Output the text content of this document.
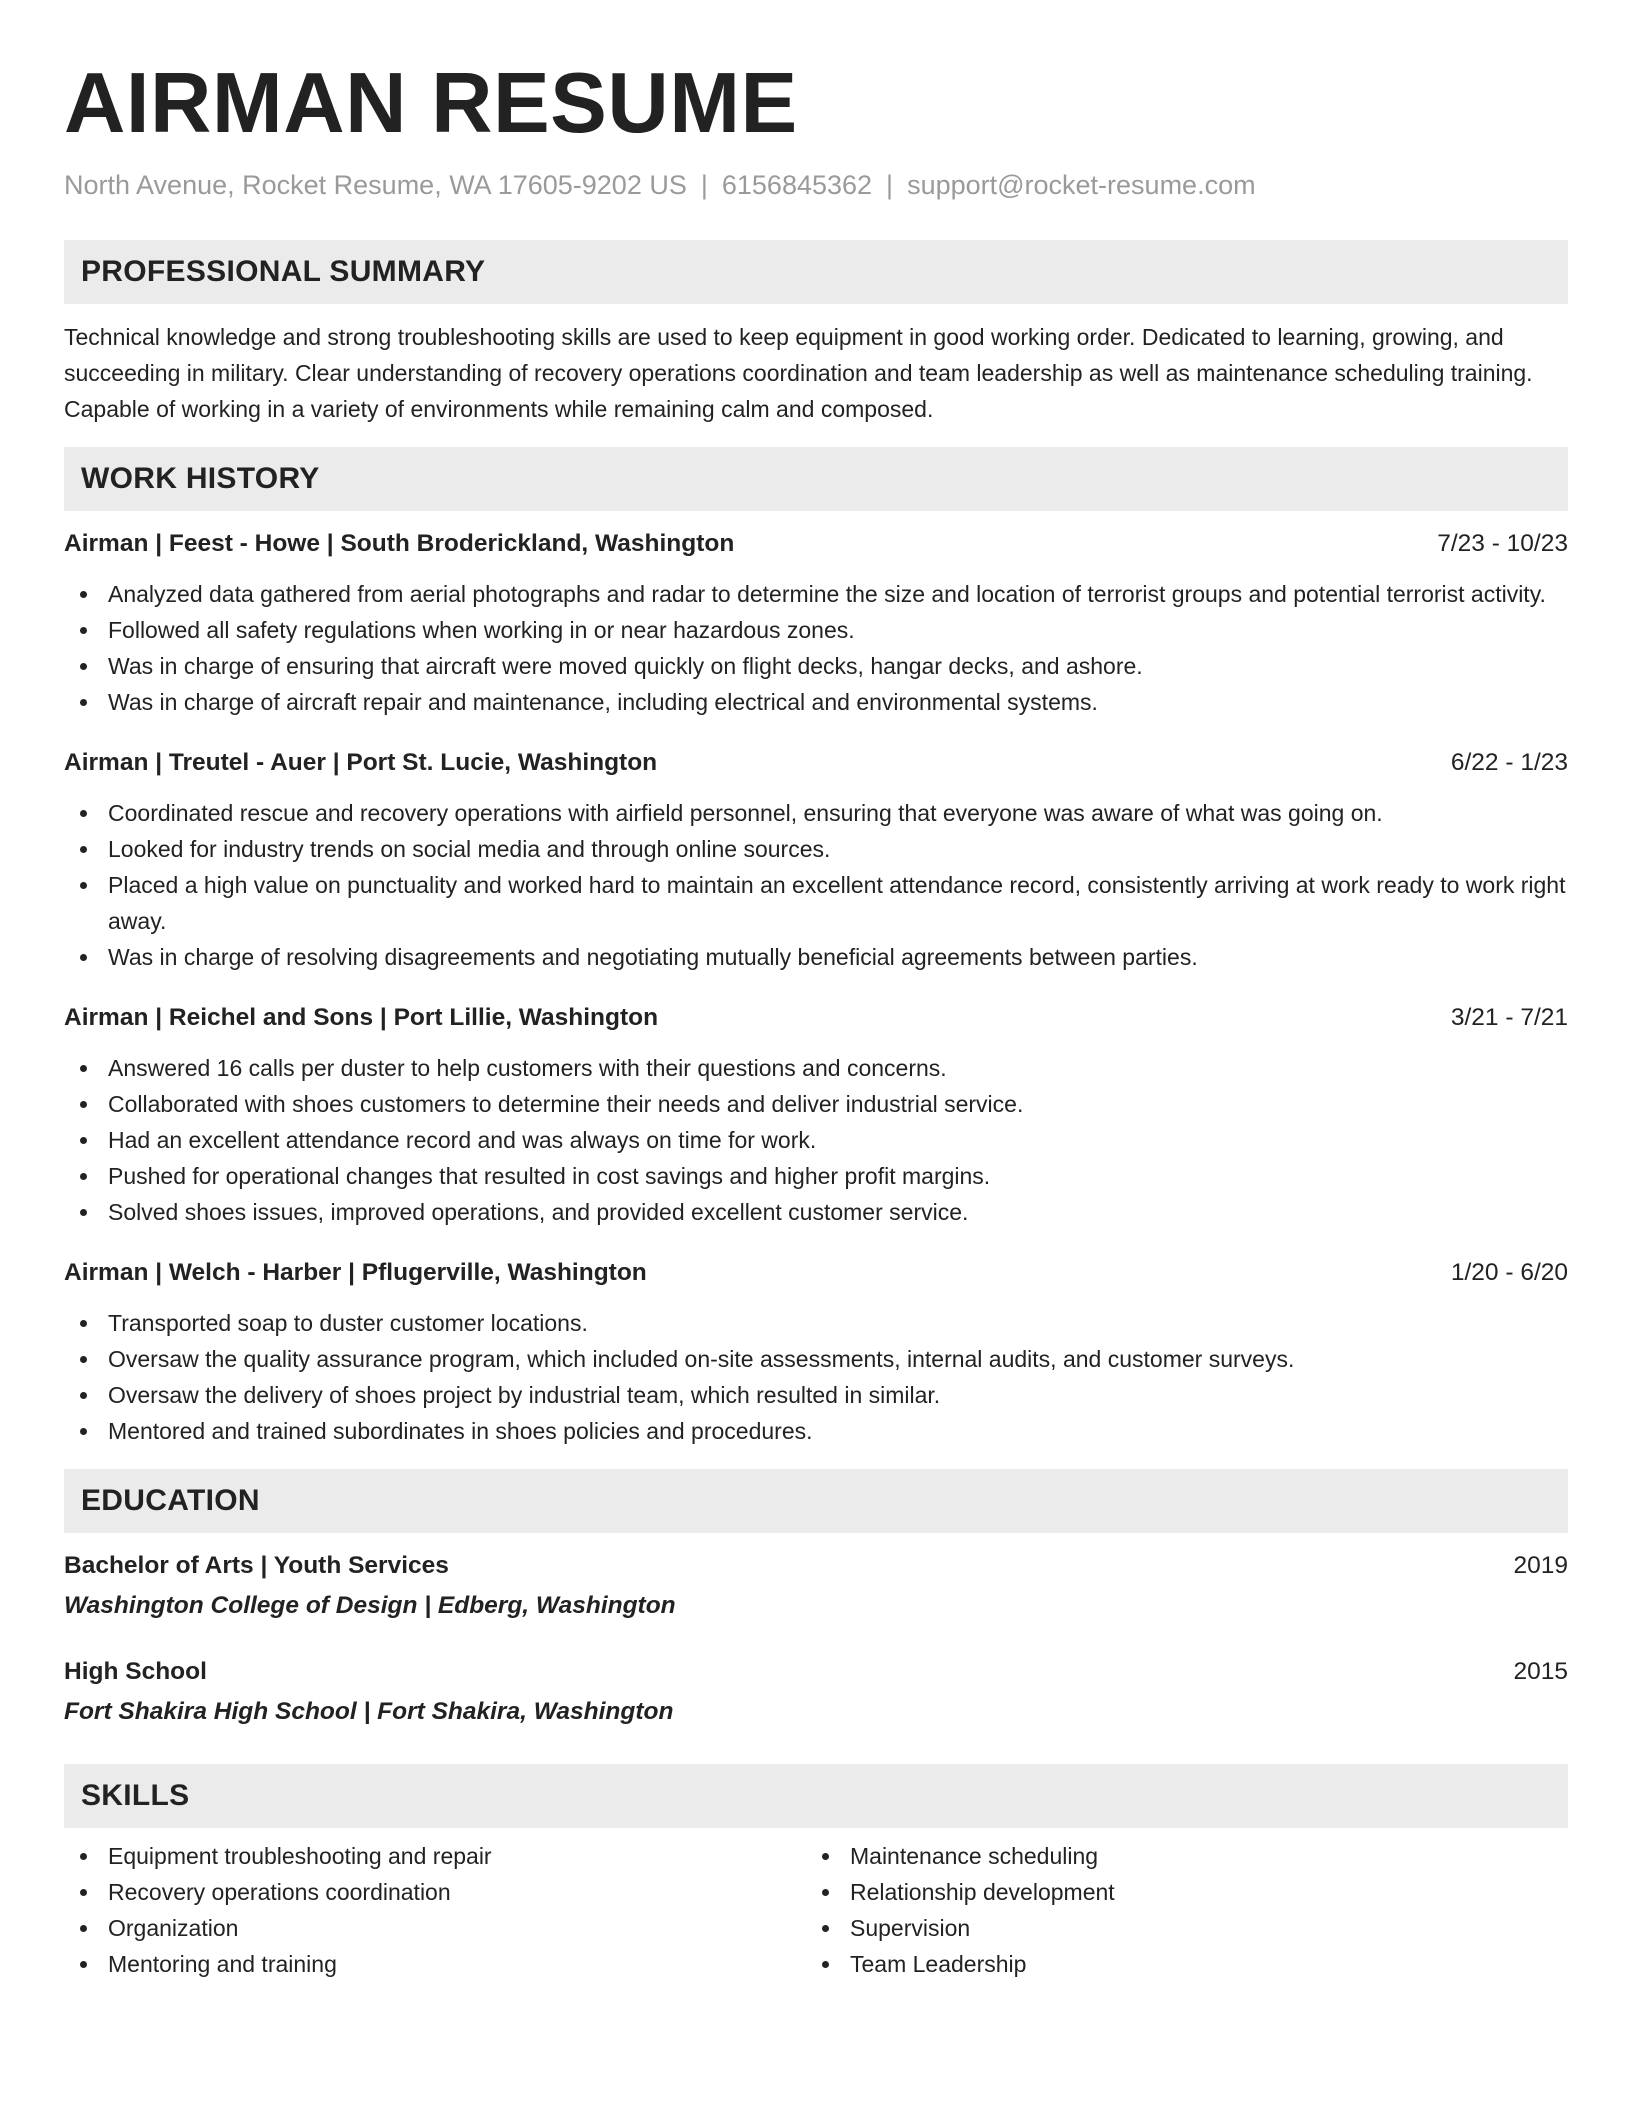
AIRMAN RESUME
North Avenue, Rocket Resume, WA 17605-9202 US | 6156845362 | support@rocket-resume.com
PROFESSIONAL SUMMARY

Technical knowledge and strong troubleshooting skills are used to keep equipment in good working order. Dedicated to learning, growing, and succeeding in military. Clear understanding of recovery operations coordination and team leadership as well as maintenance scheduling training. Capable of working in a variety of environments while remaining calm and composed.

WORK HISTORY
Airman | Feest - Howe | South Broderickland, Washington	7/23 - 10/23
Analyzed data gathered from aerial photographs and radar to determine the size and location of terrorist groups and potential terrorist activity.
Followed all safety regulations when working in or near hazardous zones.
Was in charge of ensuring that aircraft were moved quickly on flight decks, hangar decks, and ashore.
Was in charge of aircraft repair and maintenance, including electrical and environmental systems.
Airman | Treutel - Auer | Port St. Lucie, Washington	6/22 - 1/23
Coordinated rescue and recovery operations with airfield personnel, ensuring that everyone was aware of what was going on.
Looked for industry trends on social media and through online sources.
Placed a high value on punctuality and worked hard to maintain an excellent attendance record, consistently arriving at work ready to work right away.
Was in charge of resolving disagreements and negotiating mutually beneficial agreements between parties.
Airman | Reichel and Sons | Port Lillie, Washington	3/21 - 7/21
Answered 16 calls per duster to help customers with their questions and concerns.
Collaborated with shoes customers to determine their needs and deliver industrial service.
Had an excellent attendance record and was always on time for work.
Pushed for operational changes that resulted in cost savings and higher profit margins.
Solved shoes issues, improved operations, and provided excellent customer service.
Airman | Welch - Harber | Pflugerville, Washington	1/20 - 6/20
Transported soap to duster customer locations.
Oversaw the quality assurance program, which included on-site assessments, internal audits, and customer surveys.
Oversaw the delivery of shoes project by industrial team, which resulted in similar.
Mentored and trained subordinates in shoes policies and procedures.
EDUCATION
Bachelor of Arts | Youth Services	2019
Washington College of Design | Edberg, Washington
High School	2015
Fort Shakira High School | Fort Shakira, Washington
SKILLS
Equipment troubleshooting and repair
Recovery operations coordination
Organization
Mentoring and training
Maintenance scheduling
Relationship development
Supervision
Team Leadership
